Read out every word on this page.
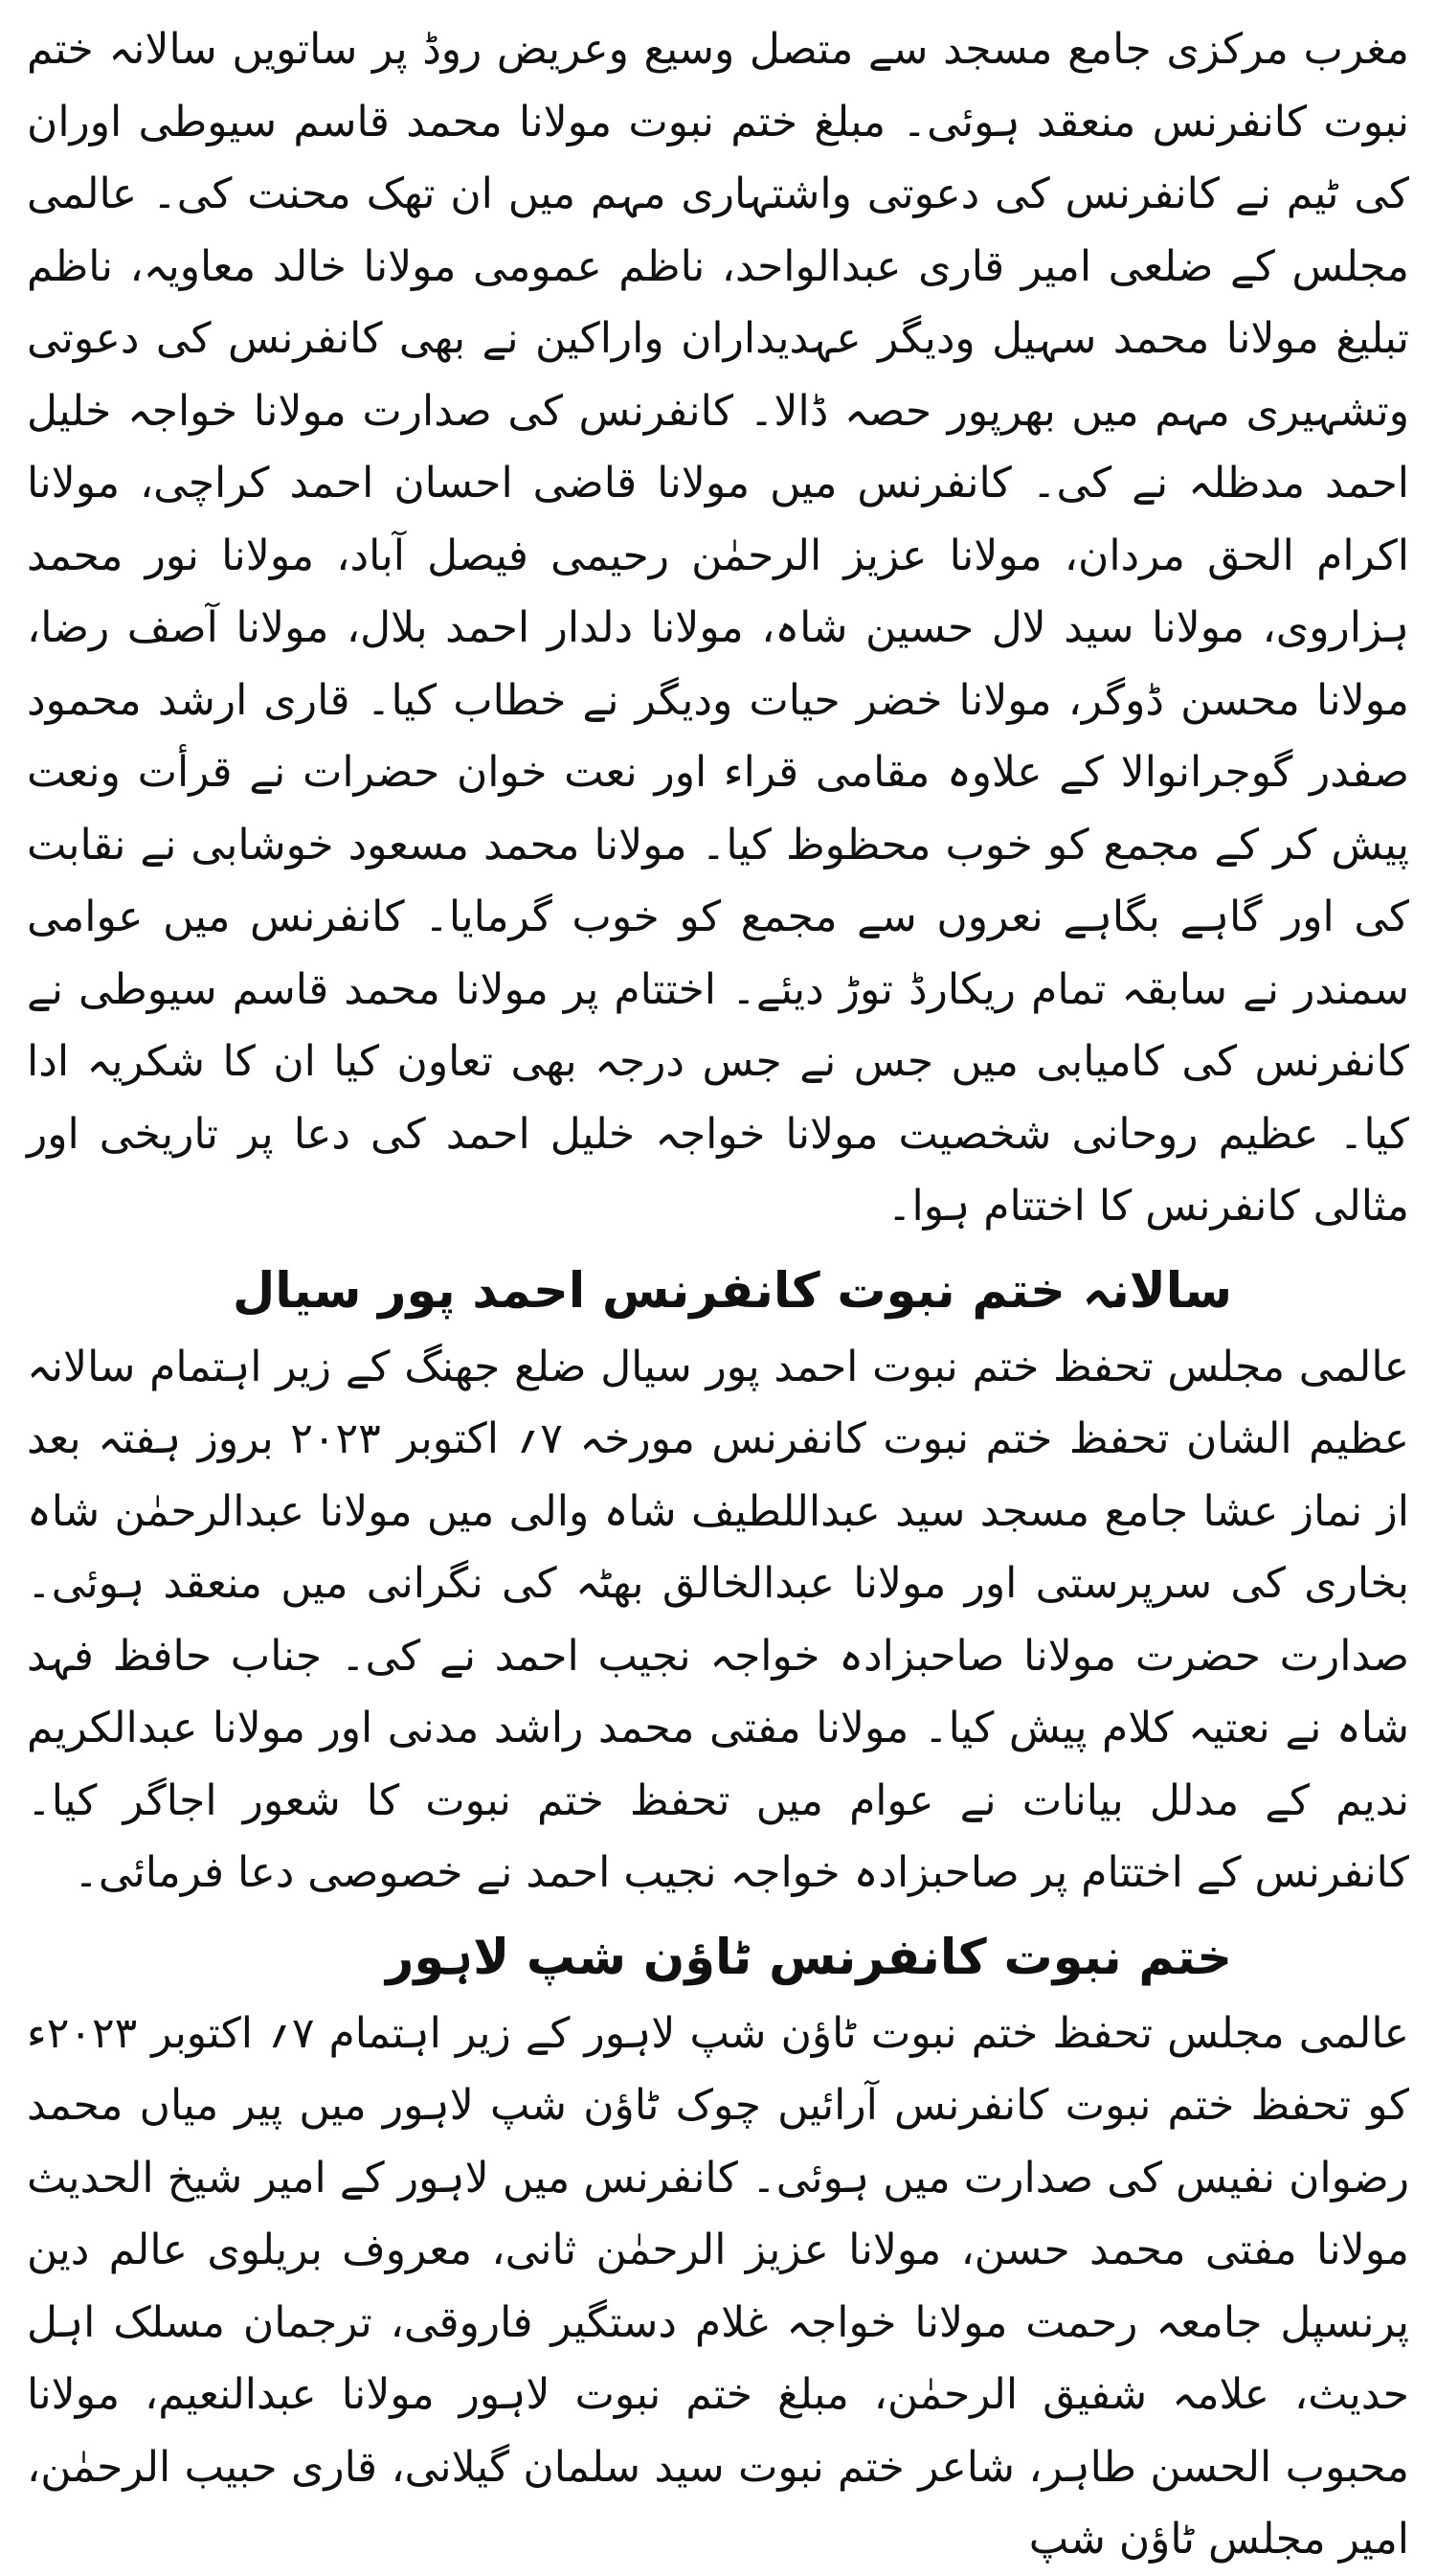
مغرب مرکزی جامع مسجد سے متصل وسیع وعریض روڈ پر ساتویں سالانہ ختم نبوت کانفرنس منعقد ہوئی۔ مبلغ ختم نبوت مولانا محمد قاسم سیوطی اوران کی ٹیم نے کانفرنس کی دعوتی واشتہاری مہم میں ان تھک محنت کی۔ عالمی مجلس کے ضلعی امیر قاری عبدالواحد، ناظم عمومی مولانا خالد معاویہ، ناظم تبلیغ مولانا محمد سہیل ودیگر عہدیداران واراکین نے بھی کانفرنس کی دعوتی وتشہیری مہم میں بھرپور حصہ ڈالا۔ کانفرنس کی صدارت مولانا خواجہ خلیل احمد مدظلہ نے کی۔ کانفرنس میں مولانا قاضی احسان احمد کراچی، مولانا اکرام الحق مردان، مولانا عزیز الرحمٰن رحیمی فیصل آباد، مولانا نور محمد ہزاروی، مولانا سید لال حسین شاہ، مولانا دلدار احمد بلال، مولانا آصف رضا، مولانا محسن ڈوگر، مولانا خضر حیات ودیگر نے خطاب کیا۔ قاری ارشد محمود صفدر گوجرانوالا کے علاوہ مقامی قراء اور نعت خوان حضرات نے قرأت ونعت پیش کر کے مجمع کو خوب محظوظ کیا۔ مولانا محمد مسعود خوشابی نے نقابت کی اور گاہے بگاہے نعروں سے مجمع کو خوب گرمایا۔ کانفرنس میں عوامی سمندر نے سابقہ تمام ریکارڈ توڑ دیئے۔ اختتام پر مولانا محمد قاسم سیوطی نے کانفرنس کی کامیابی میں جس نے جس درجہ بھی تعاون کیا ان کا شکریہ ادا کیا۔ عظیم روحانی شخصیت مولانا خواجہ خلیل احمد کی دعا پر تاریخی اور مثالی کانفرنس کا اختتام ہوا۔

سالانہ ختم نبوت کانفرنس احمد پور سیال

عالمی مجلس تحفظ ختم نبوت احمد پور سیال ضلع جھنگ کے زیر اہتمام سالانہ عظیم الشان تحفظ ختم نبوت کانفرنس مورخہ ۷؍ اکتوبر ۲۰۲۳ بروز ہفتہ بعد از نماز عشا جامع مسجد سید عبداللطیف شاہ والی میں مولانا عبدالرحمٰن شاہ بخاری کی سرپرستی اور مولانا عبدالخالق بھٹہ کی نگرانی میں منعقد ہوئی۔ صدارت حضرت مولانا صاحبزادہ خواجہ نجیب احمد نے کی۔ جناب حافظ فہد شاہ نے نعتیہ کلام پیش کیا۔ مولانا مفتی محمد راشد مدنی اور مولانا عبدالکریم ندیم کے مدلل بیانات نے عوام میں تحفظ ختم نبوت کا شعور اجاگر کیا۔ کانفرنس کے اختتام پر صاحبزادہ خواجہ نجیب احمد نے خصوصی دعا فرمائی۔

ختم نبوت کانفرنس ٹاؤن شپ لاہور

عالمی مجلس تحفظ ختم نبوت ٹاؤن شپ لاہور کے زیر اہتمام ۷؍ اکتوبر ۲۰۲۳ء کو تحفظ ختم نبوت کانفرنس آرائیں چوک ٹاؤن شپ لاہور میں پیر میاں محمد رضوان نفیس کی صدارت میں ہوئی۔ کانفرنس میں لاہور کے امیر شیخ الحدیث مولانا مفتی محمد حسن، مولانا عزیز الرحمٰن ثانی، معروف بریلوی عالم دین پرنسپل جامعہ رحمت مولانا خواجہ غلام دستگیر فاروقی، ترجمان مسلک اہل حدیث، علامہ شفیق الرحمٰن، مبلغ ختم نبوت لاہور مولانا عبدالنعیم، مولانا محبوب الحسن طاہر، شاعر ختم نبوت سید سلمان گیلانی، قاری حبیب الرحمٰن، امیر مجلس ٹاؤن شپ
